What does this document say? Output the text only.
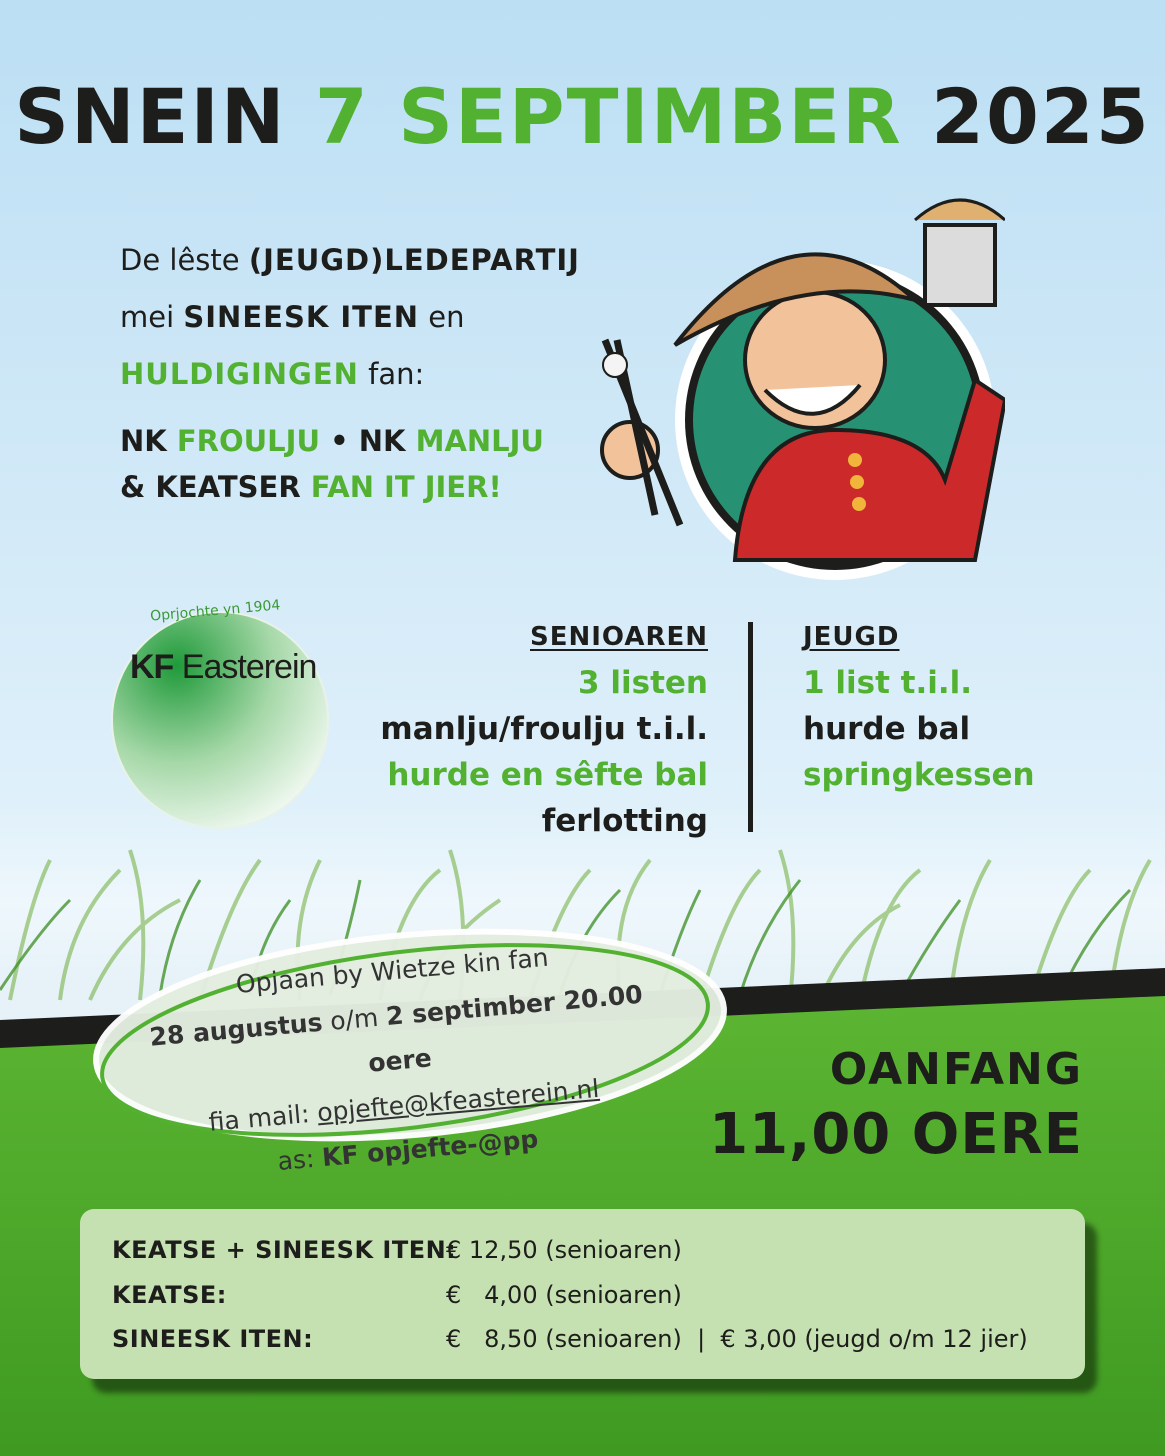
SNEIN 7 SEPTIMBER 2025
De lêste (JEUGD)LEDEPARTIJ
mei SINEESK ITEN en
HULDIGINGEN fan:
NK FROULJU • NK MANLJU
& KEATSER FAN IT JIER!
Oprjochte yn 1904
KF Easterein
SENIOAREN
3 listen
manlju/froulju t.i.l.
hurde en sêfte bal
ferlotting
JEUGD
1 list t.i.l.
hurde bal
springkessen
Opjaan by Wietze kin fan
28 augustus o/m 2 septimber 20.00 oere
fia mail: opjefte@kfeasterein.nl
as: KF opjefte-@pp
OANFANG
11,00 OERE
KEATSE + SINEESK ITEN:€ 12,50 (senioaren)
KEATSE:	€   4,00 (senioaren)
SINEESK ITEN:	€   8,50 (senioaren)  |  € 3,00 (jeugd o/m 12 jier)
